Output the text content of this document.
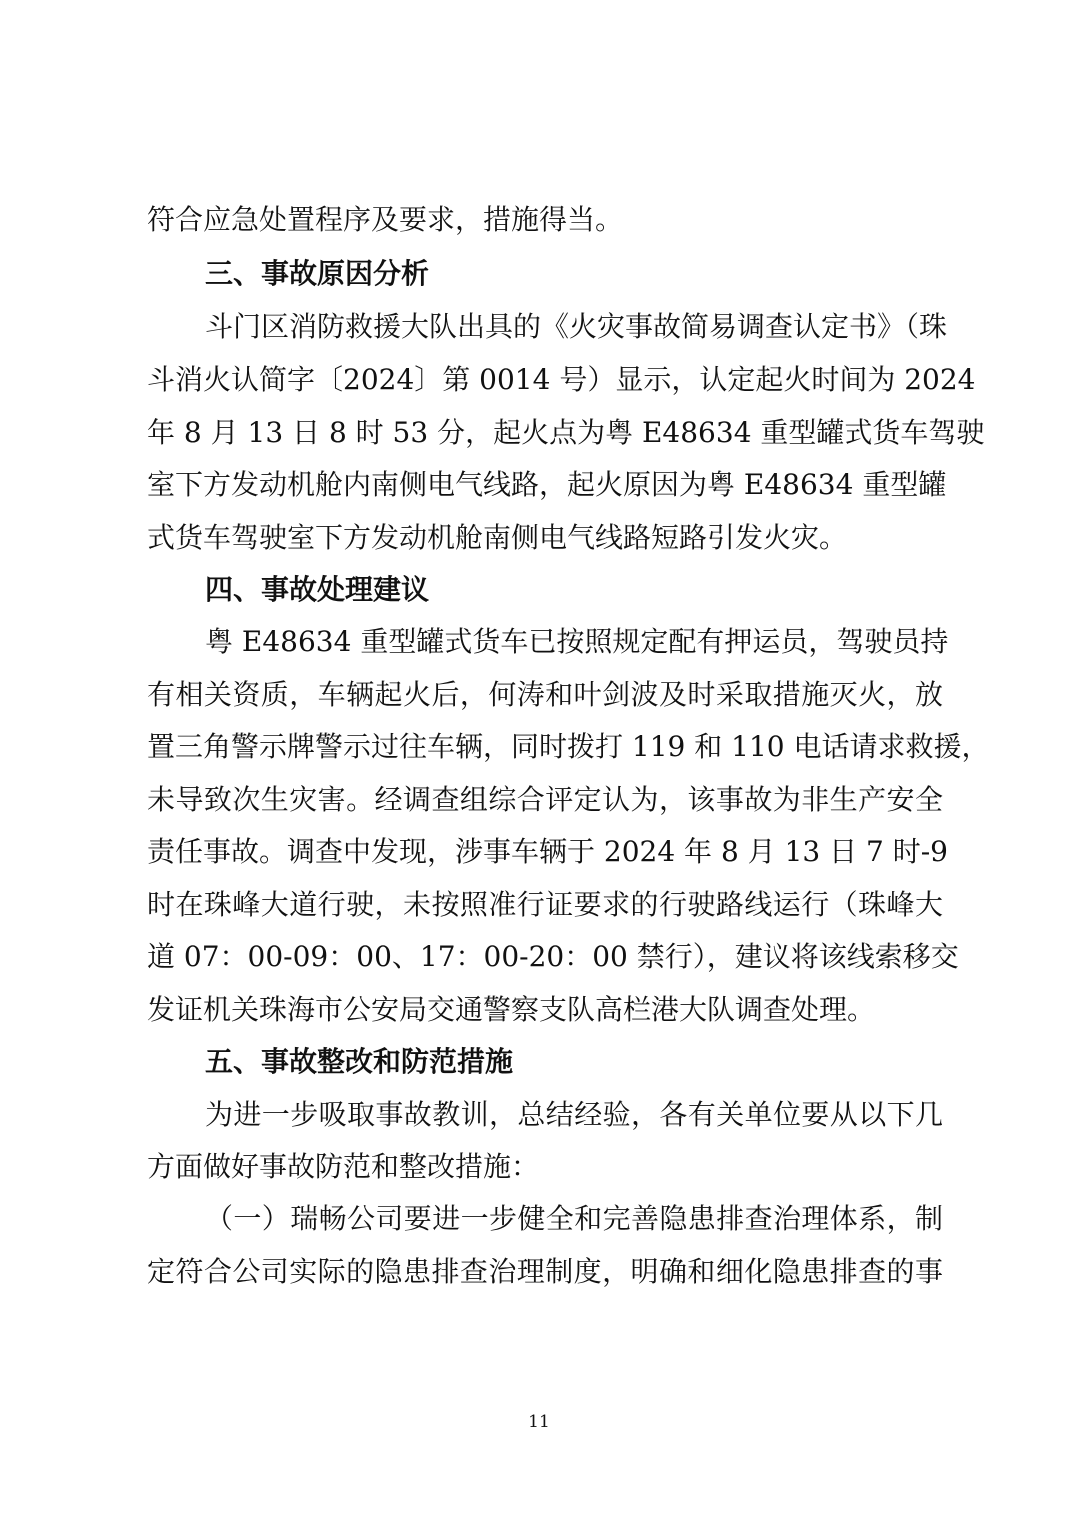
符合应急处置程序及要求，措施得当。
三、事故原因分析
斗门区消防救援大队出具的《火灾事故简易调查认定书》（珠
斗消火认简字〔2024〕第 0014 号）显示，认定起火时间为 2024
年 8 月 13 日 8 时 53 分，起火点为粤 E48634 重型罐式货车驾驶
室下方发动机舱内南侧电气线路，起火原因为粤 E48634 重型罐
式货车驾驶室下方发动机舱南侧电气线路短路引发火灾。
四、事故处理建议
粤 E48634 重型罐式货车已按照规定配有押运员，驾驶员持
有相关资质，车辆起火后，何涛和叶剑波及时采取措施灭火，放
置三角警示牌警示过往车辆，同时拨打 119 和 110 电话请求救援，
未导致次生灾害。经调查组综合评定认为，该事故为非生产安全
责任事故。调查中发现，涉事车辆于 2024 年 8 月 13 日 7 时-9
时在珠峰大道行驶，未按照准行证要求的行驶路线运行（珠峰大
道 07：00-09：00、17：00-20：00 禁行），建议将该线索移交
发证机关珠海市公安局交通警察支队高栏港大队调查处理。
五、事故整改和防范措施
为进一步吸取事故教训，总结经验，各有关单位要从以下几
方面做好事故防范和整改措施：
（一）瑞畅公司要进一步健全和完善隐患排查治理体系，制
定符合公司实际的隐患排查治理制度，明确和细化隐患排查的事
11
